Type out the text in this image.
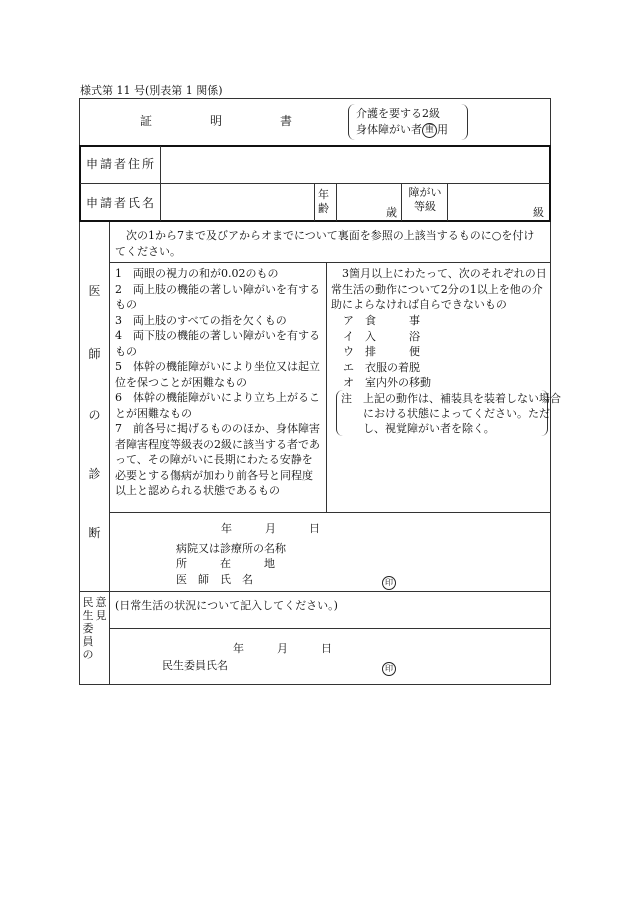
様式第 11 号(別表第 1 関係)
証　　　　明　　　　書
介護を要する2級
身体障がい者 重 用
申請者住所
申請者氏名
年齢	歳
障がい等級	級
医
師
の
診
断
次の1から7まで及びアからオまでについて裏面を参照の上該当するものに○を付けてください。
1　両眼の視力の和が0.02のもの
2　両上肢の機能の著しい障がいを有するもの
3　両上肢のすべての指を欠くもの
4　両下肢の機能の著しい障がいを有するもの
5　体幹の機能障がいにより坐位又は起立位を保つことが困難なもの
6　体幹の機能障がいにより立ち上がることが困難なもの
7　前各号に掲げるもののほか、身体障害者障害程度等級表の2級に該当する者であって、その障がいに長期にわたる安静を必要とする傷病が加わり前各号と同程度以上と認められる状態であるもの
3箇月以上にわたって、次のそれぞれの日常生活の動作について2分の1以上を他の介助によらなければ自らできないもの
ア　 食　　　事
イ　 入　　　浴
ウ　 排　　　便
エ　 衣服の着脱
オ　 室内外の移動
注　上記の動作は、補装具を装着しない場合における状態によってください。ただし、視覚障がい者を除く。
年　　　月　　　日
病院又は診療所の名称
所　　　在　　　地
医　師　氏　名	印
民
生
委
員
の
意
見
(日常生活の状況について記入してください。)
年　　　月　　　日
民生委員氏名	印
